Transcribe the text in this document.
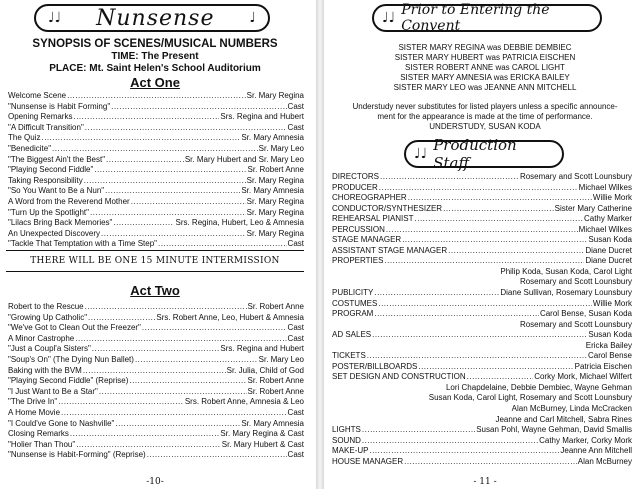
♩♩ Nunsense ♩
SYNOPSIS OF SCENES/MUSICAL NUMBERS
TIME: The Present
PLACE: Mt. Saint Helen's School Auditorium
Act One
Welcome Scene .....	Sr. Mary Regina
"Nunsense is Habit Forming" .....	Cast
Opening Remarks .....	Srs. Regina and Hubert
"A Difficult Transition" .....	Cast
The Quiz .....	Sr. Mary Amnesia
"Benedicite" .....	Sr. Mary Leo
"The Biggest Ain't the Best" .....	Sr. Mary Hubert and Sr. Mary Leo
"Playing Second Fiddle" .....	Sr. Robert Anne
Taking Responsibility .....	Sr. Mary Regina
"So You Want to Be a Nun" .....	Sr. Mary Amnesia
A Word from the Reverend Mother .....	Sr. Mary Regina
"Turn Up the Spotlight" .....	Sr. Mary Regina
"Lilacs Bring Back Memories" .....	Srs. Regina, Hubert, Leo & Amnesia
An Unexpected Discovery .....	Sr. Mary Regina
"Tackle That Temptation with a Time Step" .....	Cast
THERE WILL BE ONE 15 MINUTE INTERMISSION
Act Two
Robert to the Rescue .....	Sr. Robert Anne
"Growing Up Catholic" .....	Srs. Robert Anne, Leo, Hubert & Amnesia
"We've Got to Clean Out the Freezer" .....	Cast
A Minor Castrophe .....	Cast
"Just a Coupl'a Sisters" .....	Srs. Regina and Hubert
"Soup's On" (The Dying Nun Ballet) .....	Sr. Mary Leo
Baking with the BVM .....	Sr. Julia, Child of God
"Playing Second Fiddle" (Reprise) .....	Sr. Robert Anne
"I Just Want to Be a Star" .....	Sr. Robert Anne
"The Drive In" .....	Srs. Robert Anne, Amnesia & Leo
A Home Movie .....	Cast
"I Could've Gone to Nashville" .....	Sr. Mary Amnesia
Closing Remarks .....	Sr. Mary Regina & Cast
"Holier Than Thou" .....	Sr. Mary Hubert & Cast
"Nunsense is Habit-Forming" (Reprise) .....	Cast
-10-
♩♩ Prior to Entering the Convent
SISTER MARY REGINA was DEBBIE DEMBIEC
SISTER MARY HUBERT was PATRICIA EISCHEN
SISTER ROBERT ANNE was CAROL LIGHT
SISTER MARY AMNESIA was ERICKA BAILEY
SISTER MARY LEO was JEANNE ANN MITCHELL
Understudy never substitutes for listed players unless a specific announce-
ment for the appearance is made at the time of performance.
UNDERSTUDY, SUSAN KODA
♩♩ Production Staff
DIRECTORS .....	Rosemary and Scott Lounsbury
PRODUCER .....	Michael Wilkes
CHOREOGRAPHER .....	Willie Mork
CONDUCTOR/SYNTHESIZER .....	Sister Mary Catherine
REHEARSAL PIANIST .....	Cathy Marker
PERCUSSION .....	Michael Wilkes
STAGE MANAGER .....	Susan Koda
ASSISTANT STAGE MANAGER .....	Diane Ducret
PROPERTIES .....	Diane Ducret
Philip Koda, Susan Koda, Carol Light
Rosemary and Scott Lounsbury
PUBLICITY .....	Diane Sullivan, Rosemary Lounsbury
COSTUMES .....	Willie Mork
PROGRAM .....	Carol Bense, Susan Koda
Rosemary and Scott Lounsbury
AD SALES .....	Susan Koda
Ericka Bailey
TICKETS .....	Carol Bense
POSTER/BILLBOARDS .....	Patricia Eischen
SET DESIGN AND CONSTRUCTION .....	Corky Mork, Michael Wilfert
Lori Chapdelaine, Debbie Dembiec, Wayne Gehman
Susan Koda, Carol Light, Rosemary and Scott Lounsbury
Alan McBurney, Linda McCracken
Jeanne and Carl Mitchell, Sabra Rines
LIGHTS .....	Susan Pohl, Wayne Gehman, David Smallis
SOUND .....	Cathy Marker, Corky Mork
MAKE-UP .....	Jeanne Ann Mitchell
HOUSE MANAGER .....	Alan McBurney
- 11 -
